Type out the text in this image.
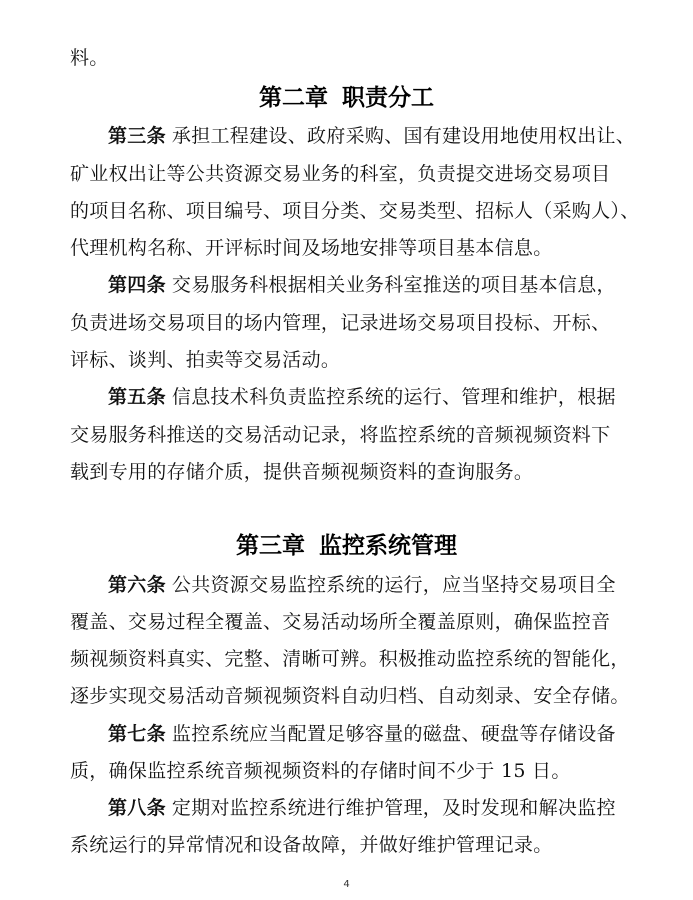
料。
第二章 职责分工
第三条 承担工程建设、政府采购、国有建设用地使用权出让、
矿业权出让等公共资源交易业务的科室，负责提交进场交易项目
的项目名称、项目编号、项目分类、交易类型、招标人（采购人）、
代理机构名称、开评标时间及场地安排等项目基本信息。
第四条 交易服务科根据相关业务科室推送的项目基本信息，
负责进场交易项目的场内管理，记录进场交易项目投标、开标、
评标、谈判、拍卖等交易活动。
第五条 信息技术科负责监控系统的运行、管理和维护，根据
交易服务科推送的交易活动记录，将监控系统的音频视频资料下
载到专用的存储介质，提供音频视频资料的查询服务。
第三章 监控系统管理
第六条 公共资源交易监控系统的运行，应当坚持交易项目全
覆盖、交易过程全覆盖、交易活动场所全覆盖原则，确保监控音
频视频资料真实、完整、清晰可辨。积极推动监控系统的智能化，
逐步实现交易活动音频视频资料自动归档、自动刻录、安全存储。
第七条 监控系统应当配置足够容量的磁盘、硬盘等存储设备
质，确保监控系统音频视频资料的存储时间不少于 15 日。
第八条 定期对监控系统进行维护管理，及时发现和解决监控
系统运行的异常情况和设备故障，并做好维护管理记录。
4
